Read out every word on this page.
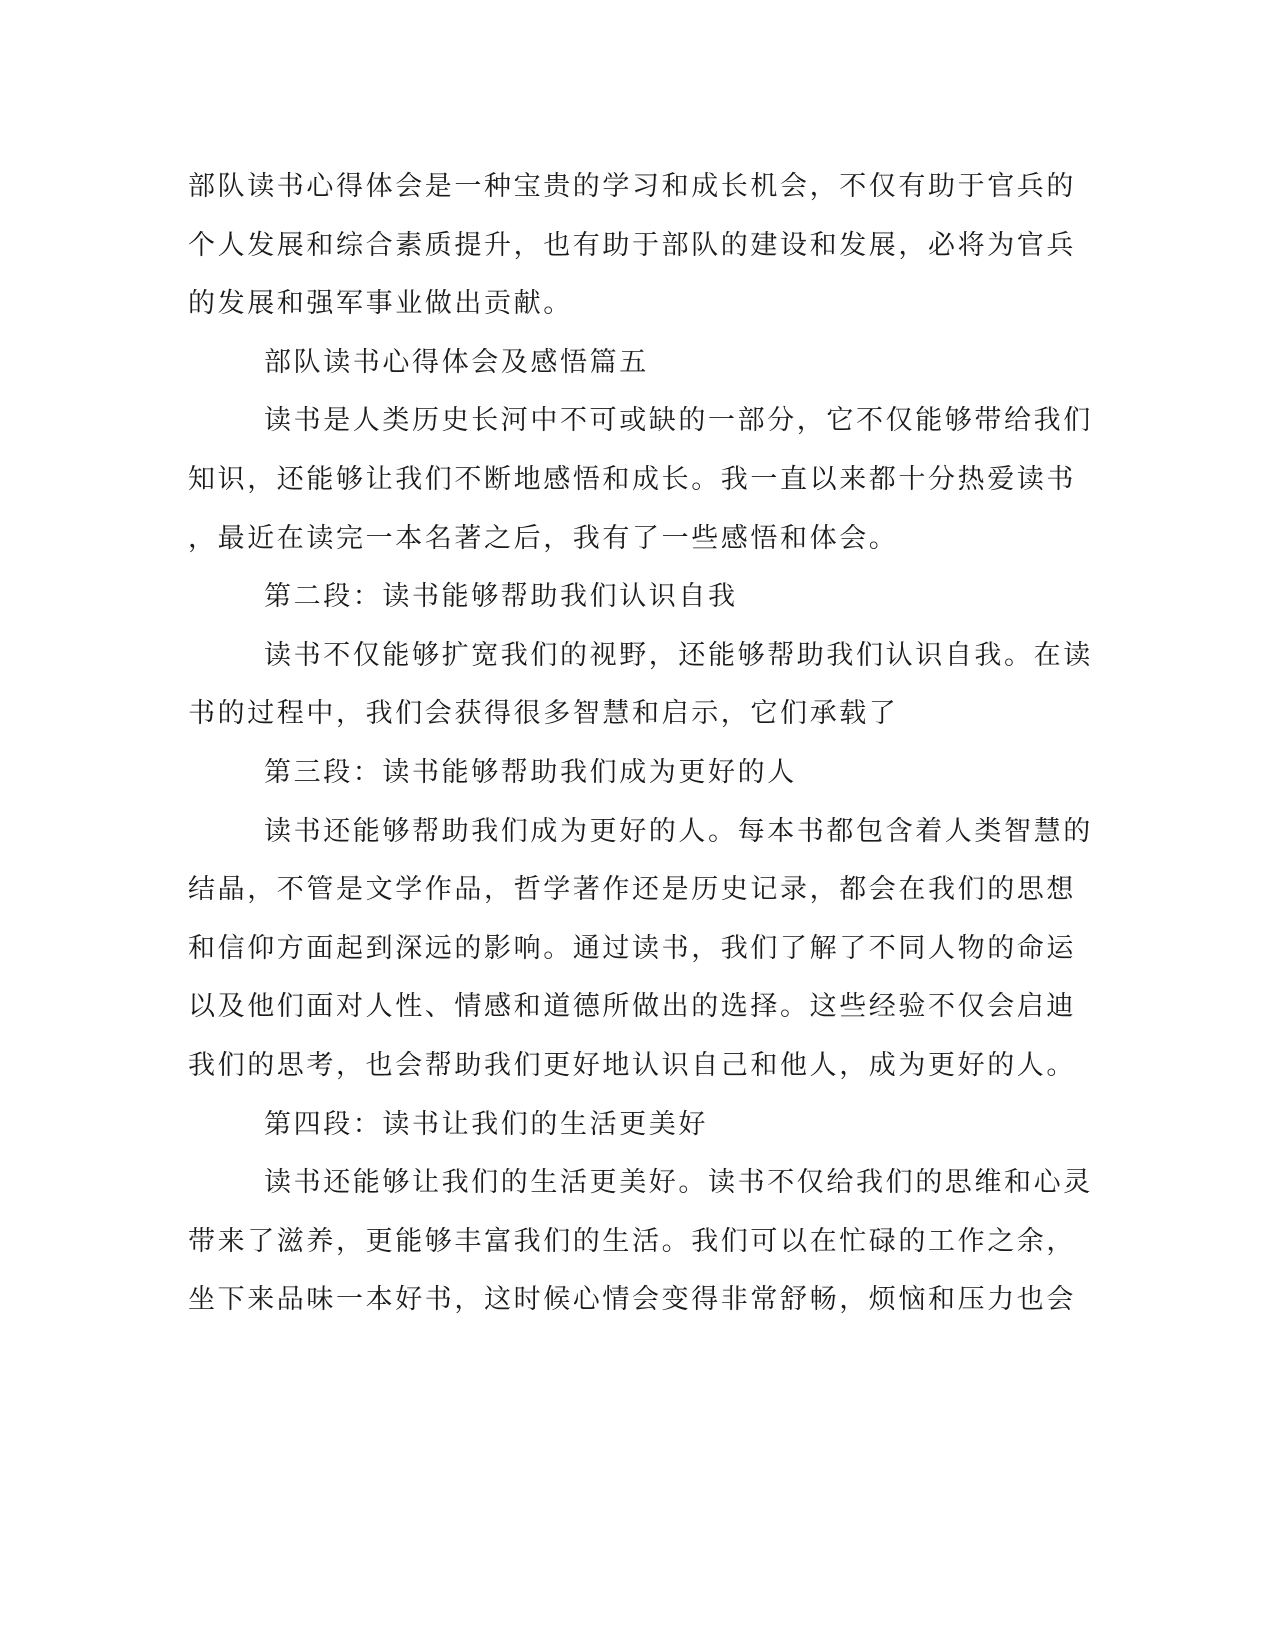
部队读书心得体会是一种宝贵的学习和成长机会，不仅有助于官兵的
个人发展和综合素质提升，也有助于部队的建设和发展，必将为官兵
的发展和强军事业做出贡献。
部队读书心得体会及感悟篇五
读书是人类历史长河中不可或缺的一部分，它不仅能够带给我们
知识，还能够让我们不断地感悟和成长。我一直以来都十分热爱读书
，最近在读完一本名著之后，我有了一些感悟和体会。
第二段：读书能够帮助我们认识自我
读书不仅能够扩宽我们的视野，还能够帮助我们认识自我。在读
书的过程中，我们会获得很多智慧和启示，它们承载了
第三段：读书能够帮助我们成为更好的人
读书还能够帮助我们成为更好的人。每本书都包含着人类智慧的
结晶，不管是文学作品，哲学著作还是历史记录，都会在我们的思想
和信仰方面起到深远的影响。通过读书，我们了解了不同人物的命运
以及他们面对人性、情感和道德所做出的选择。这些经验不仅会启迪
我们的思考，也会帮助我们更好地认识自己和他人，成为更好的人。
第四段：读书让我们的生活更美好
读书还能够让我们的生活更美好。读书不仅给我们的思维和心灵
带来了滋养，更能够丰富我们的生活。我们可以在忙碌的工作之余，
坐下来品味一本好书，这时候心情会变得非常舒畅，烦恼和压力也会
